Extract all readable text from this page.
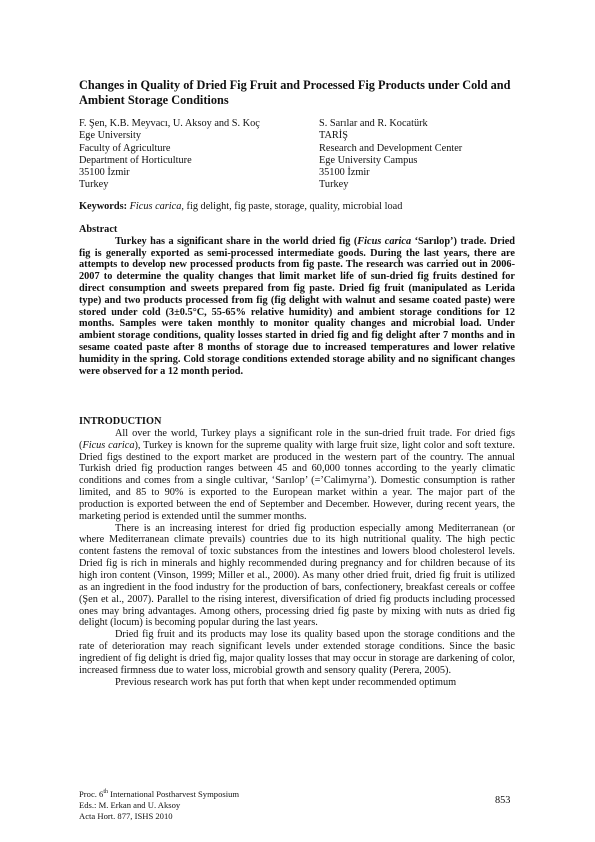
Changes in Quality of Dried Fig Fruit and Processed Fig Products under Cold and Ambient Storage Conditions
F. Şen, K.B. Meyvacı, U. Aksoy and S. Koç
Ege University
Faculty of Agriculture
Department of Horticulture
35100 İzmir
Turkey
S. Sarılar and R. Kocatürk
TARİŞ
Research and Development Center
Ege University Campus
35100 İzmir
Turkey
Keywords: Ficus carica, fig delight, fig paste, storage, quality, microbial load
Abstract
Turkey has a significant share in the world dried fig (Ficus carica ‘Sarılop’) trade. Dried fig is generally exported as semi-processed intermediate goods. During the last years, there are attempts to develop new processed products from fig paste. The research was carried out in 2006-2007 to determine the quality changes that limit market life of sun-dried fig fruits destined for direct consumption and sweets prepared from fig paste. Dried fig fruit (manipulated as Lerida type) and two products processed from fig (fig delight with walnut and sesame coated paste) were stored under cold (3±0.5°C, 55-65% relative humidity) and ambient storage conditions for 12 months. Samples were taken monthly to monitor quality changes and microbial load. Under ambient storage conditions, quality losses started in dried fig and fig delight after 7 months and in sesame coated paste after 8 months of storage due to increased temperatures and lower relative humidity in the spring. Cold storage conditions extended storage ability and no significant changes were observed for a 12 month period.
INTRODUCTION

All over the world, Turkey plays a significant role in the sun-dried fruit trade. For dried figs (Ficus carica), Turkey is known for the supreme quality with large fruit size, light color and soft texture. Dried figs destined to the export market are produced in the western part of the country. The annual Turkish dried fig production ranges between 45 and 60,000 tonnes according to the yearly climatic conditions and comes from a single cultivar, ‘Sarılop’ (=’Calimyrna’). Domestic consumption is rather limited, and 85 to 90% is exported to the European market within a year. The major part of the production is exported between the end of September and December. However, during recent years, the marketing period is extended until the summer months.

There is an increasing interest for dried fig production especially among Mediterranean (or where Mediterranean climate prevails) countries due to its high nutritional quality. The high pectic content fastens the removal of toxic substances from the intestines and lowers blood cholesterol levels. Dried fig is rich in minerals and highly recommended during pregnancy and for children because of its high iron content (Vinson, 1999; Miller et al., 2000). As many other dried fruit, dried fig fruit is utilized as an ingredient in the food industry for the production of bars, confectionery, breakfast cereals or coffee (Şen et al., 2007). Parallel to the rising interest, diversification of dried fig products including processed ones may bring advantages. Among others, processing dried fig paste by mixing with nuts as dried fig delight (locum) is becoming popular during the last years.

Dried fig fruit and its products may lose its quality based upon the storage conditions and the rate of deterioration may reach significant levels under extended storage conditions. Since the basic ingredient of fig delight is dried fig, major quality losses that may occur in storage are darkening of color, increased firmness due to water loss, microbial growth and sensory quality (Perera, 2005).

Previous research work has put forth that when kept under recommended optimum

Proc. 6th International Postharvest Symposium
Eds.: M. Erkan and U. Aksoy
Acta Hort. 877, ISHS 2010
853
